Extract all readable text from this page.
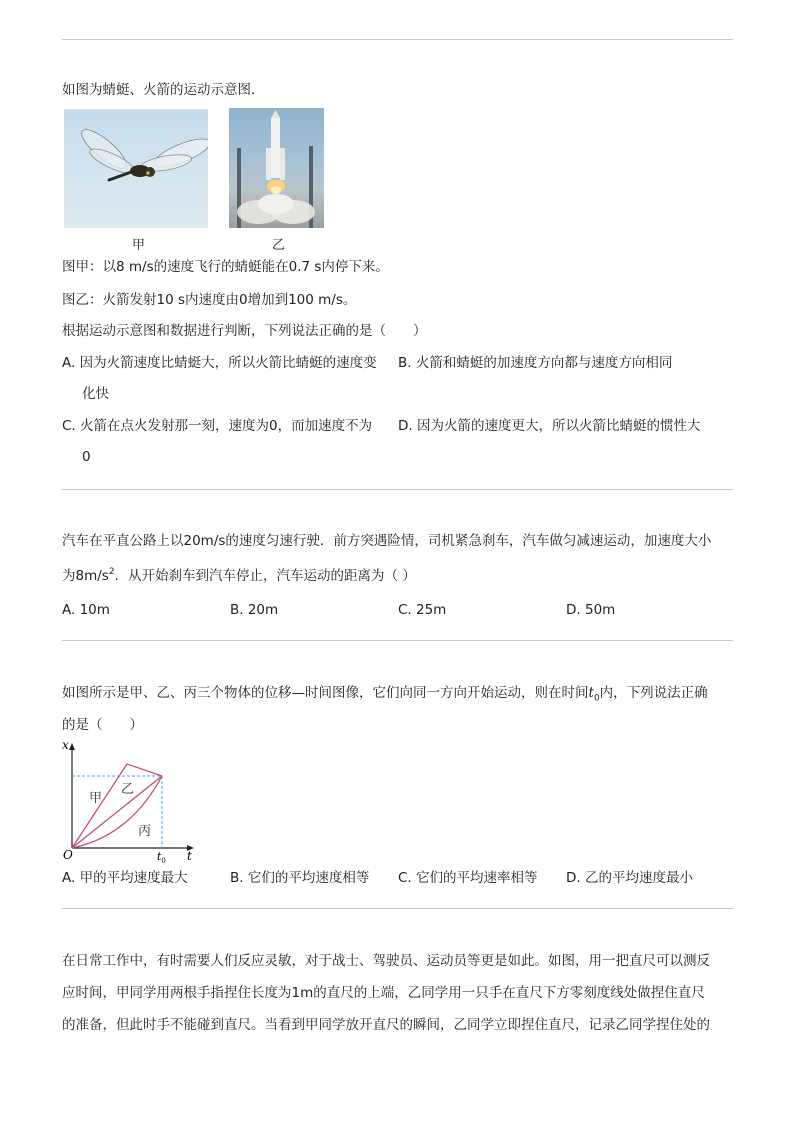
如图为蜻蜓、火箭的运动示意图．
甲	乙
图甲：以8 m/s的速度飞行的蜻蜓能在0.7 s内停下来。
图乙：火箭发射10 s内速度由0增加到100 m/s。
根据运动示意图和数据进行判断，下列说法正确的是（　　）
A. 因为火箭速度比蜻蜓大，所以火箭比蜻蜓的速度变
化快
B. 火箭和蜻蜓的加速度方向都与速度方向相同
C. 火箭在点火发射那一刻，速度为0，而加速度不为
0
D. 因为火箭的速度更大，所以火箭比蜻蜓的惯性大
汽车在平直公路上以20m/s的速度匀速行驶．前方突遇险情，司机紧急刹车，汽车做匀减速运动，加速度大小
为$8m/s^2$．从开始刹车到汽车停止，汽车运动的距离为（ ）
A. 10m	B. 20m	C. 25m	D. 50m
如图所示是甲、乙、丙三个物体的位移—时间图像，它们向同一方向开始运动，则在时间$t_0$内，下列说法正确
的是（　　）
t
x
O	$t_0$
甲
乙
丙
A. 甲的平均速度最大	B. 它们的平均速度相等 C. 它们的平均速率相等 D. 乙的平均速度最小
在日常工作中，有时需要人们反应灵敏，对于战士、驾驶员、运动员等更是如此。如图，用一把直尺可以测反
应时间，甲同学用两根手指捏住长度为1m的直尺的上端，乙同学用一只手在直尺下方零刻度线处做捏住直尺
的准备，但此时手不能碰到直尺。当看到甲同学放开直尺的瞬间，乙同学立即捏住直尺，记录乙同学捏住处的
